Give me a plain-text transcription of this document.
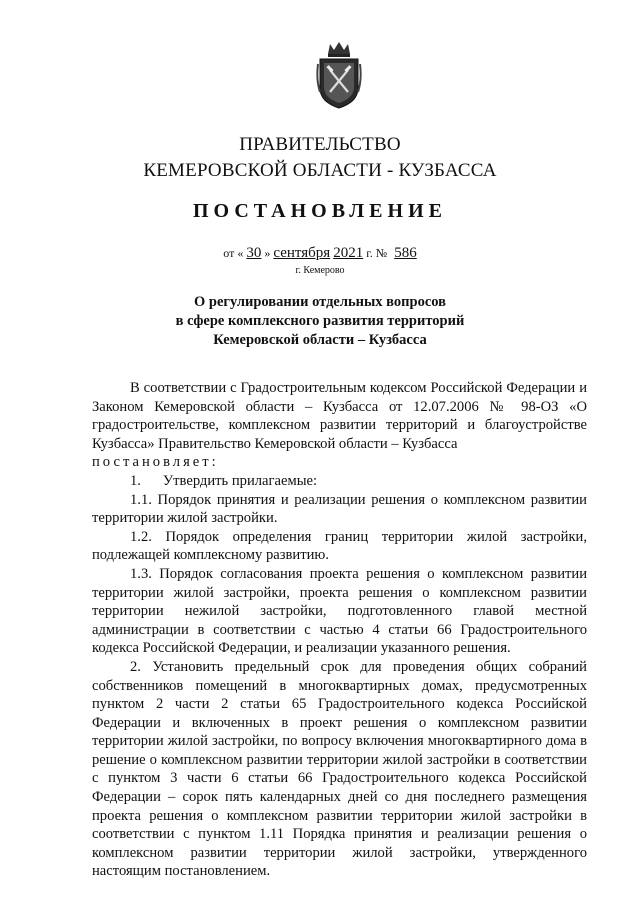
ПРАВИТЕЛЬСТВО
КЕМЕРОВСКОЙ ОБЛАСТИ - КУЗБАССА
ПОСТАНОВЛЕНИЕ
от « 30 » сентября 2021 г. № 586
г. Кемерово
О регулировании отдельных вопросов
в сфере комплексного развития территорий
Кемеровской области – Кузбасса

В соответствии с Градостроительным кодексом Российской Федерации и Законом Кемеровской области – Кузбасса от 12.07.2006 № 98-ОЗ «О градостроительстве, комплексном развитии территорий и благоустройстве Кузбасса» Правительство Кемеровской области – Кузбасса

постановляет:

1.      Утвердить прилагаемые:

1.1. Порядок принятия и реализации решения о комплексном развитии территории жилой застройки.

1.2. Порядок определения границ территории жилой застройки, подлежащей комплексному развитию.

1.3. Порядок согласования проекта решения о комплексном развитии территории жилой застройки, проекта решения о комплексном развитии территории нежилой застройки, подготовленного главой местной администрации в соответствии с частью 4 статьи 66 Градостроительного кодекса Российской Федерации, и реализации указанного решения.

2. Установить предельный срок для проведения общих собраний собственников помещений в многоквартирных домах, предусмотренных пунктом 2 части 2 статьи 65 Градостроительного кодекса Российской Федерации и включенных в проект решения о комплексном развитии территории жилой застройки, по вопросу включения многоквартирного дома в решение о комплексном развитии территории жилой застройки в соответствии с пунктом 3 части 6 статьи 66 Градостроительного кодекса Российской Федерации – сорок пять календарных дней со дня последнего размещения проекта решения о комплексном развитии территории жилой застройки в соответствии с пунктом 1.11 Порядка принятия и реализации решения о комплексном развитии территории жилой застройки, утвержденного настоящим постановлением.
